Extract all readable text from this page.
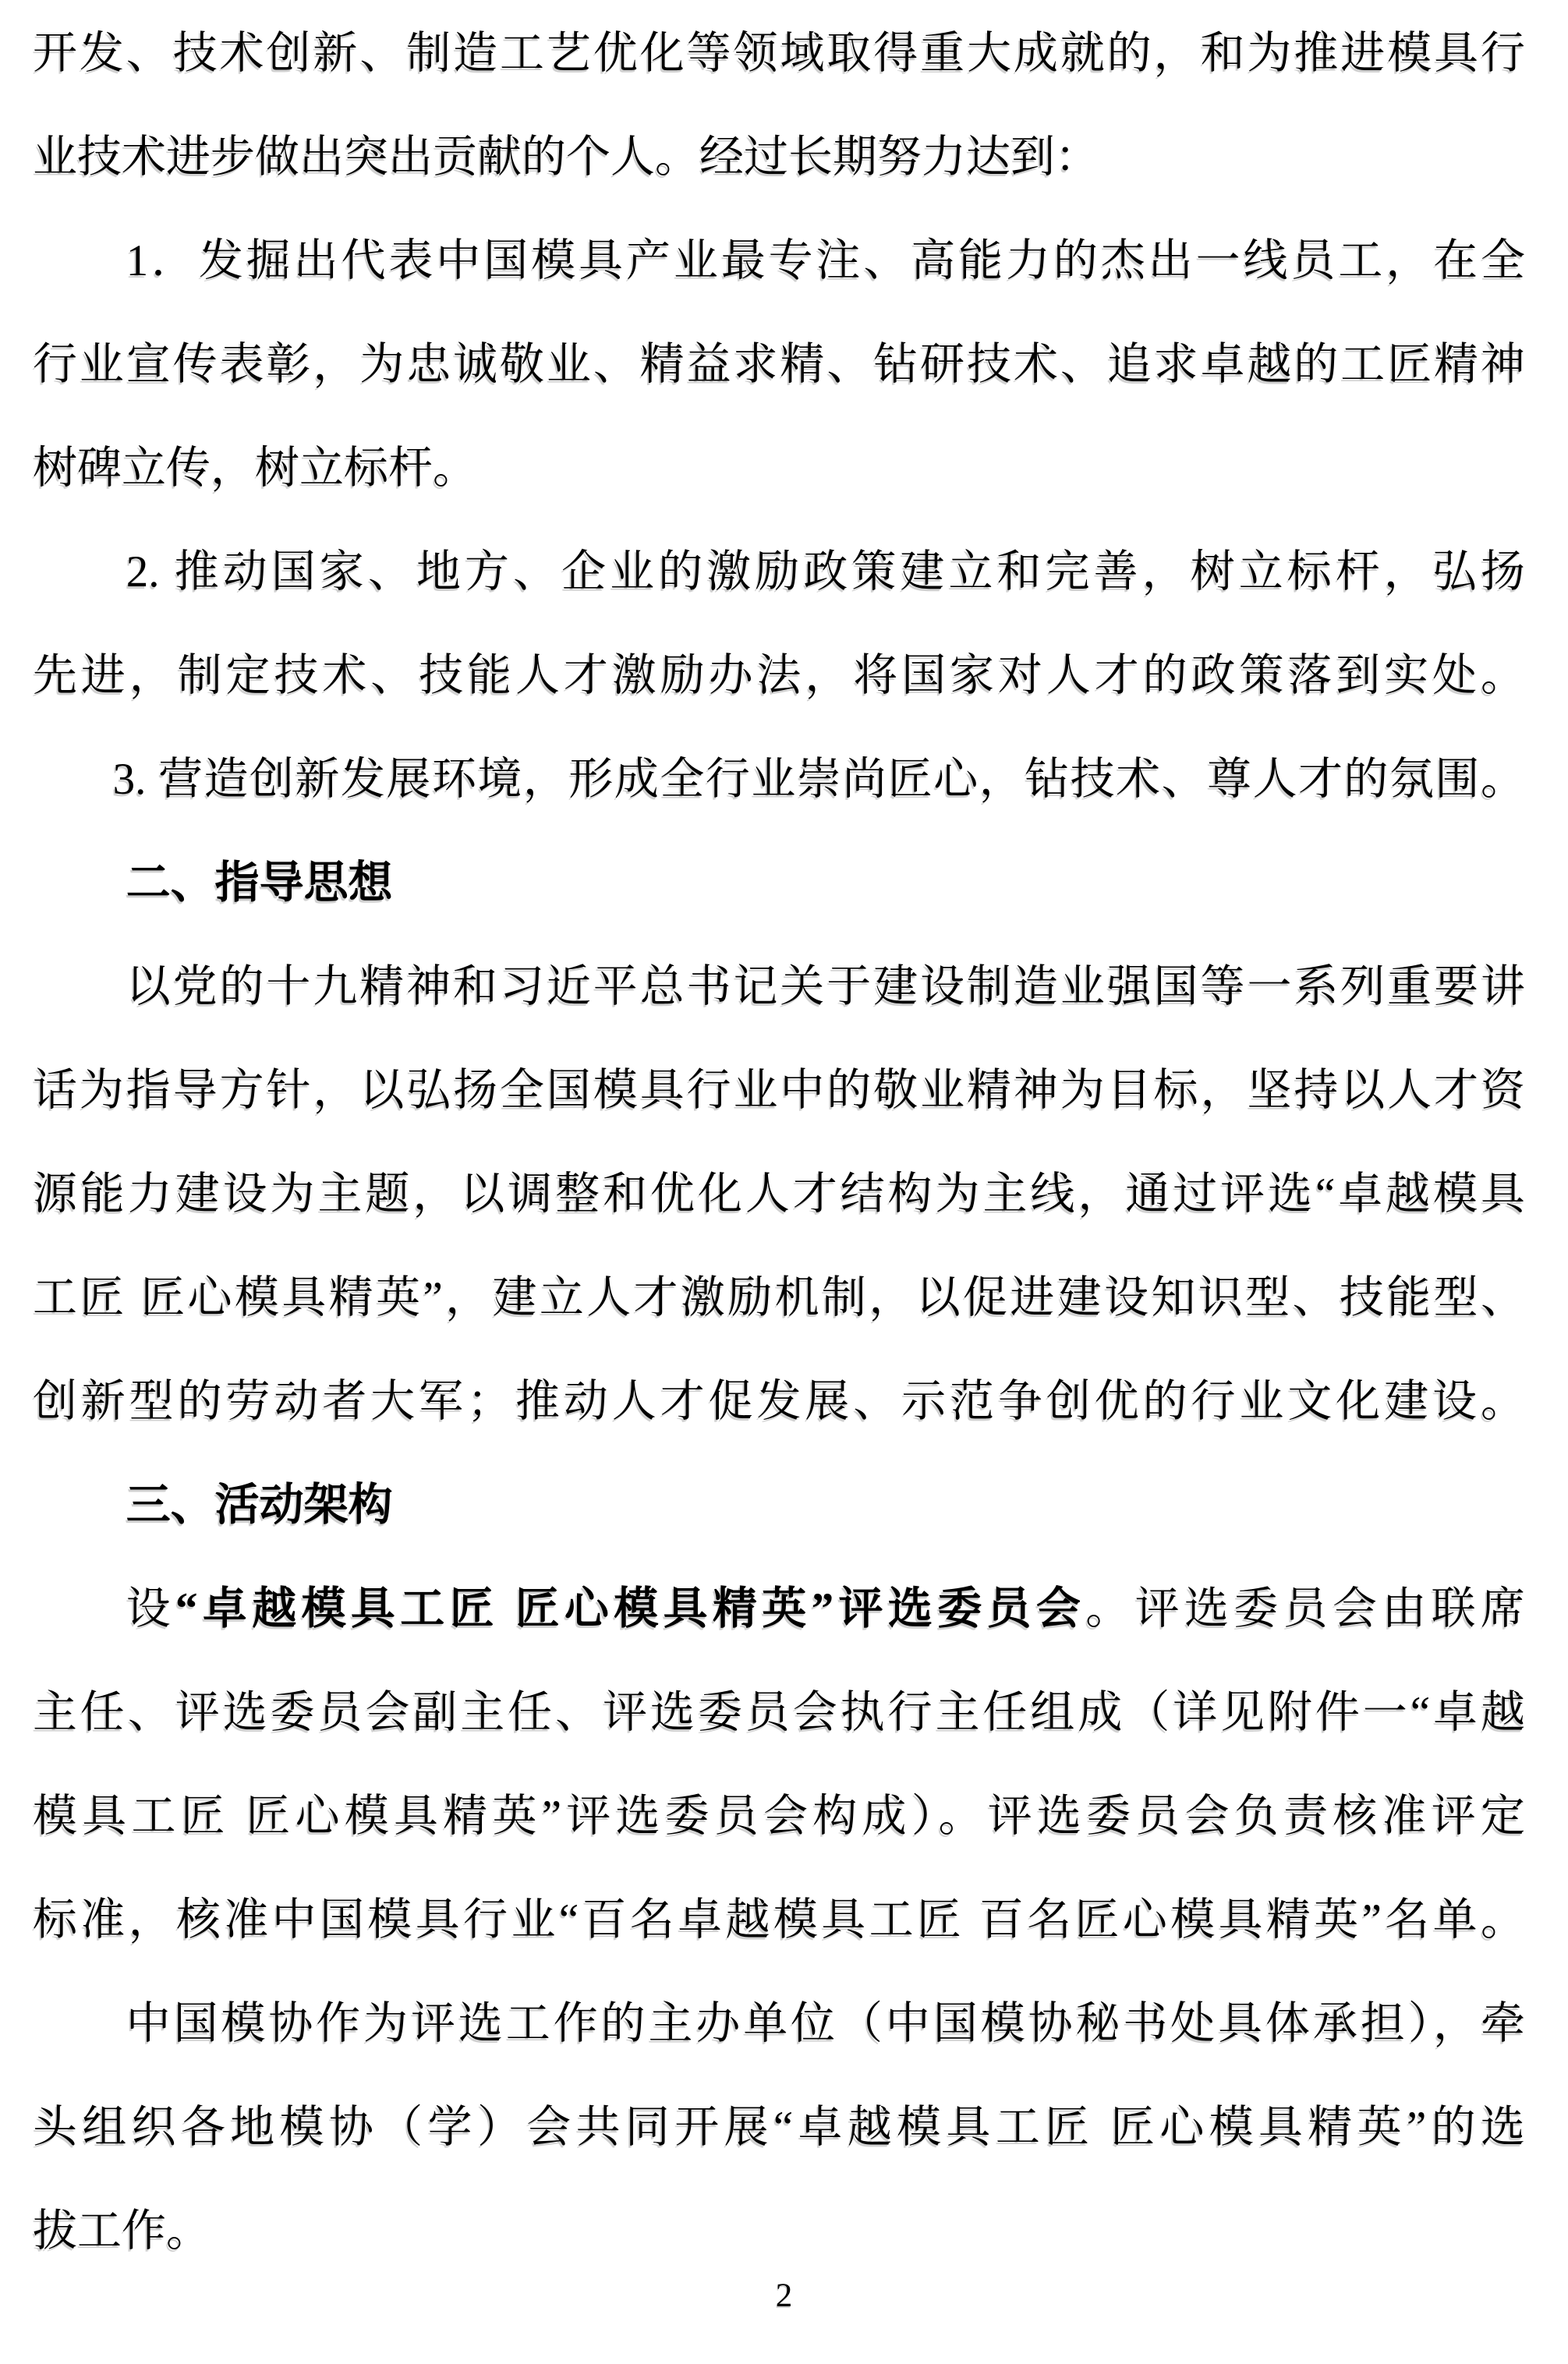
开发、技术创新、制造工艺优化等领域取得重大成就的，和为推进模具行
业技术进步做出突出贡献的个人。经过长期努力达到：
1．发掘出代表中国模具产业最专注、高能力的杰出一线员工，在全
行业宣传表彰，为忠诚敬业、精益求精、钻研技术、追求卓越的工匠精神
树碑立传，树立标杆。
2. 推动国家、地方、企业的激励政策建立和完善，树立标杆，弘扬
先进，制定技术、技能人才激励办法，将国家对人才的政策落到实处。
3. 营造创新发展环境，形成全行业崇尚匠心，钻技术、尊人才的氛围。
二、指导思想
以党的十九精神和习近平总书记关于建设制造业强国等一系列重要讲
话为指导方针，以弘扬全国模具行业中的敬业精神为目标，坚持以人才资
源能力建设为主题，以调整和优化人才结构为主线，通过评选“卓越模具
工匠 匠心模具精英”，建立人才激励机制，以促进建设知识型、技能型、
创新型的劳动者大军；推动人才促发展、示范争创优的行业文化建设。
三、活动架构
设“卓越模具工匠 匠心模具精英”评选委员会。评选委员会由联席
主任、评选委员会副主任、评选委员会执行主任组成（详见附件一“卓越
模具工匠 匠心模具精英”评选委员会构成）。评选委员会负责核准评定
标准，核准中国模具行业“百名卓越模具工匠 百名匠心模具精英”名单。
中国模协作为评选工作的主办单位（中国模协秘书处具体承担），牵
头组织各地模协（学）会共同开展“卓越模具工匠 匠心模具精英”的选
拔工作。
2
